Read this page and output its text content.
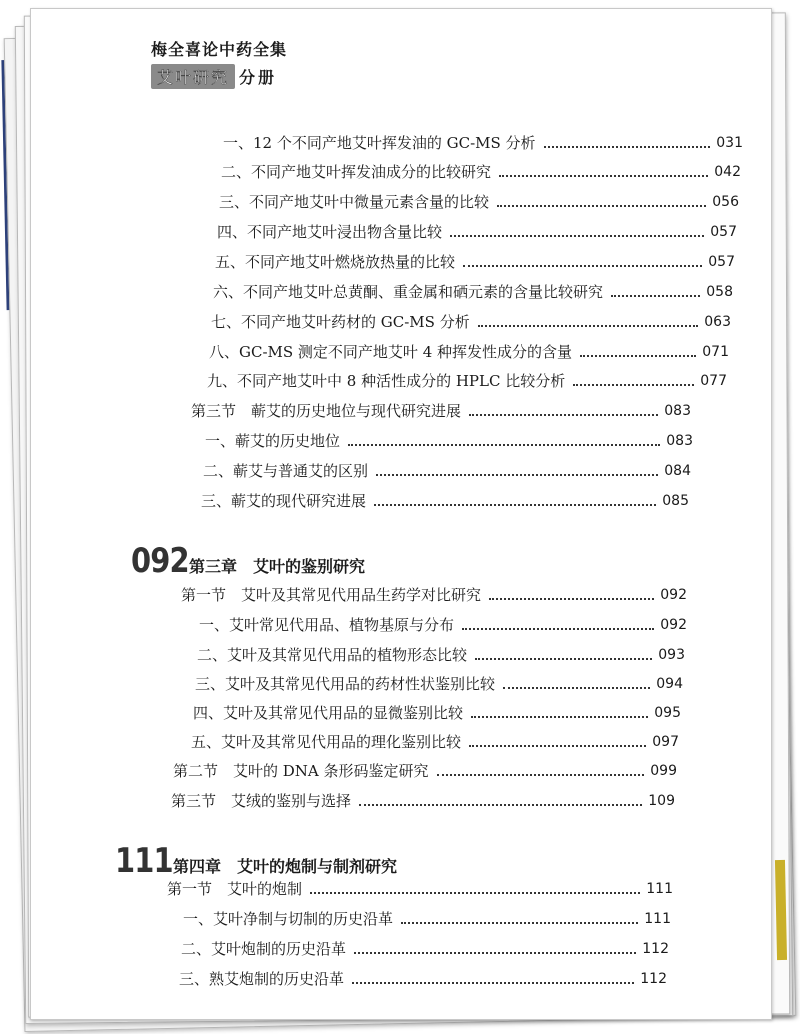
梅全喜论中药全集
艾叶研究 分册
一、12 个不同产地艾叶挥发油的 GC-MS 分析	031
二、不同产地艾叶挥发油成分的比较研究	042
三、不同产地艾叶中微量元素含量的比较	056
四、不同产地艾叶浸出物含量比较	057
五、不同产地艾叶燃烧放热量的比较	057
六、不同产地艾叶总黄酮、重金属和硒元素的含量比较研究	058
七、不同产地艾叶药材的 GC-MS 分析	063
八、GC-MS 测定不同产地艾叶 4 种挥发性成分的含量	071
九、不同产地艾叶中 8 种活性成分的 HPLC 比较分析	077
第三节　蕲艾的历史地位与现代研究进展	083
一、蕲艾的历史地位	083
二、蕲艾与普通艾的区别	084
三、蕲艾的现代研究进展	085
092 第三章　艾叶的鉴别研究
第一节　艾叶及其常见代用品生药学对比研究	092
一、艾叶常见代用品、植物基原与分布	092
二、艾叶及其常见代用品的植物形态比较	093
三、艾叶及其常见代用品的药材性状鉴别比较	094
四、艾叶及其常见代用品的显微鉴别比较	095
五、艾叶及其常见代用品的理化鉴别比较	097
第二节　艾叶的 DNA 条形码鉴定研究	099
第三节　艾绒的鉴别与选择	109
111 第四章　艾叶的炮制与制剂研究
第一节　艾叶的炮制	111
一、艾叶净制与切制的历史沿革	111
二、艾叶炮制的历史沿革	112
三、熟艾炮制的历史沿革	112
